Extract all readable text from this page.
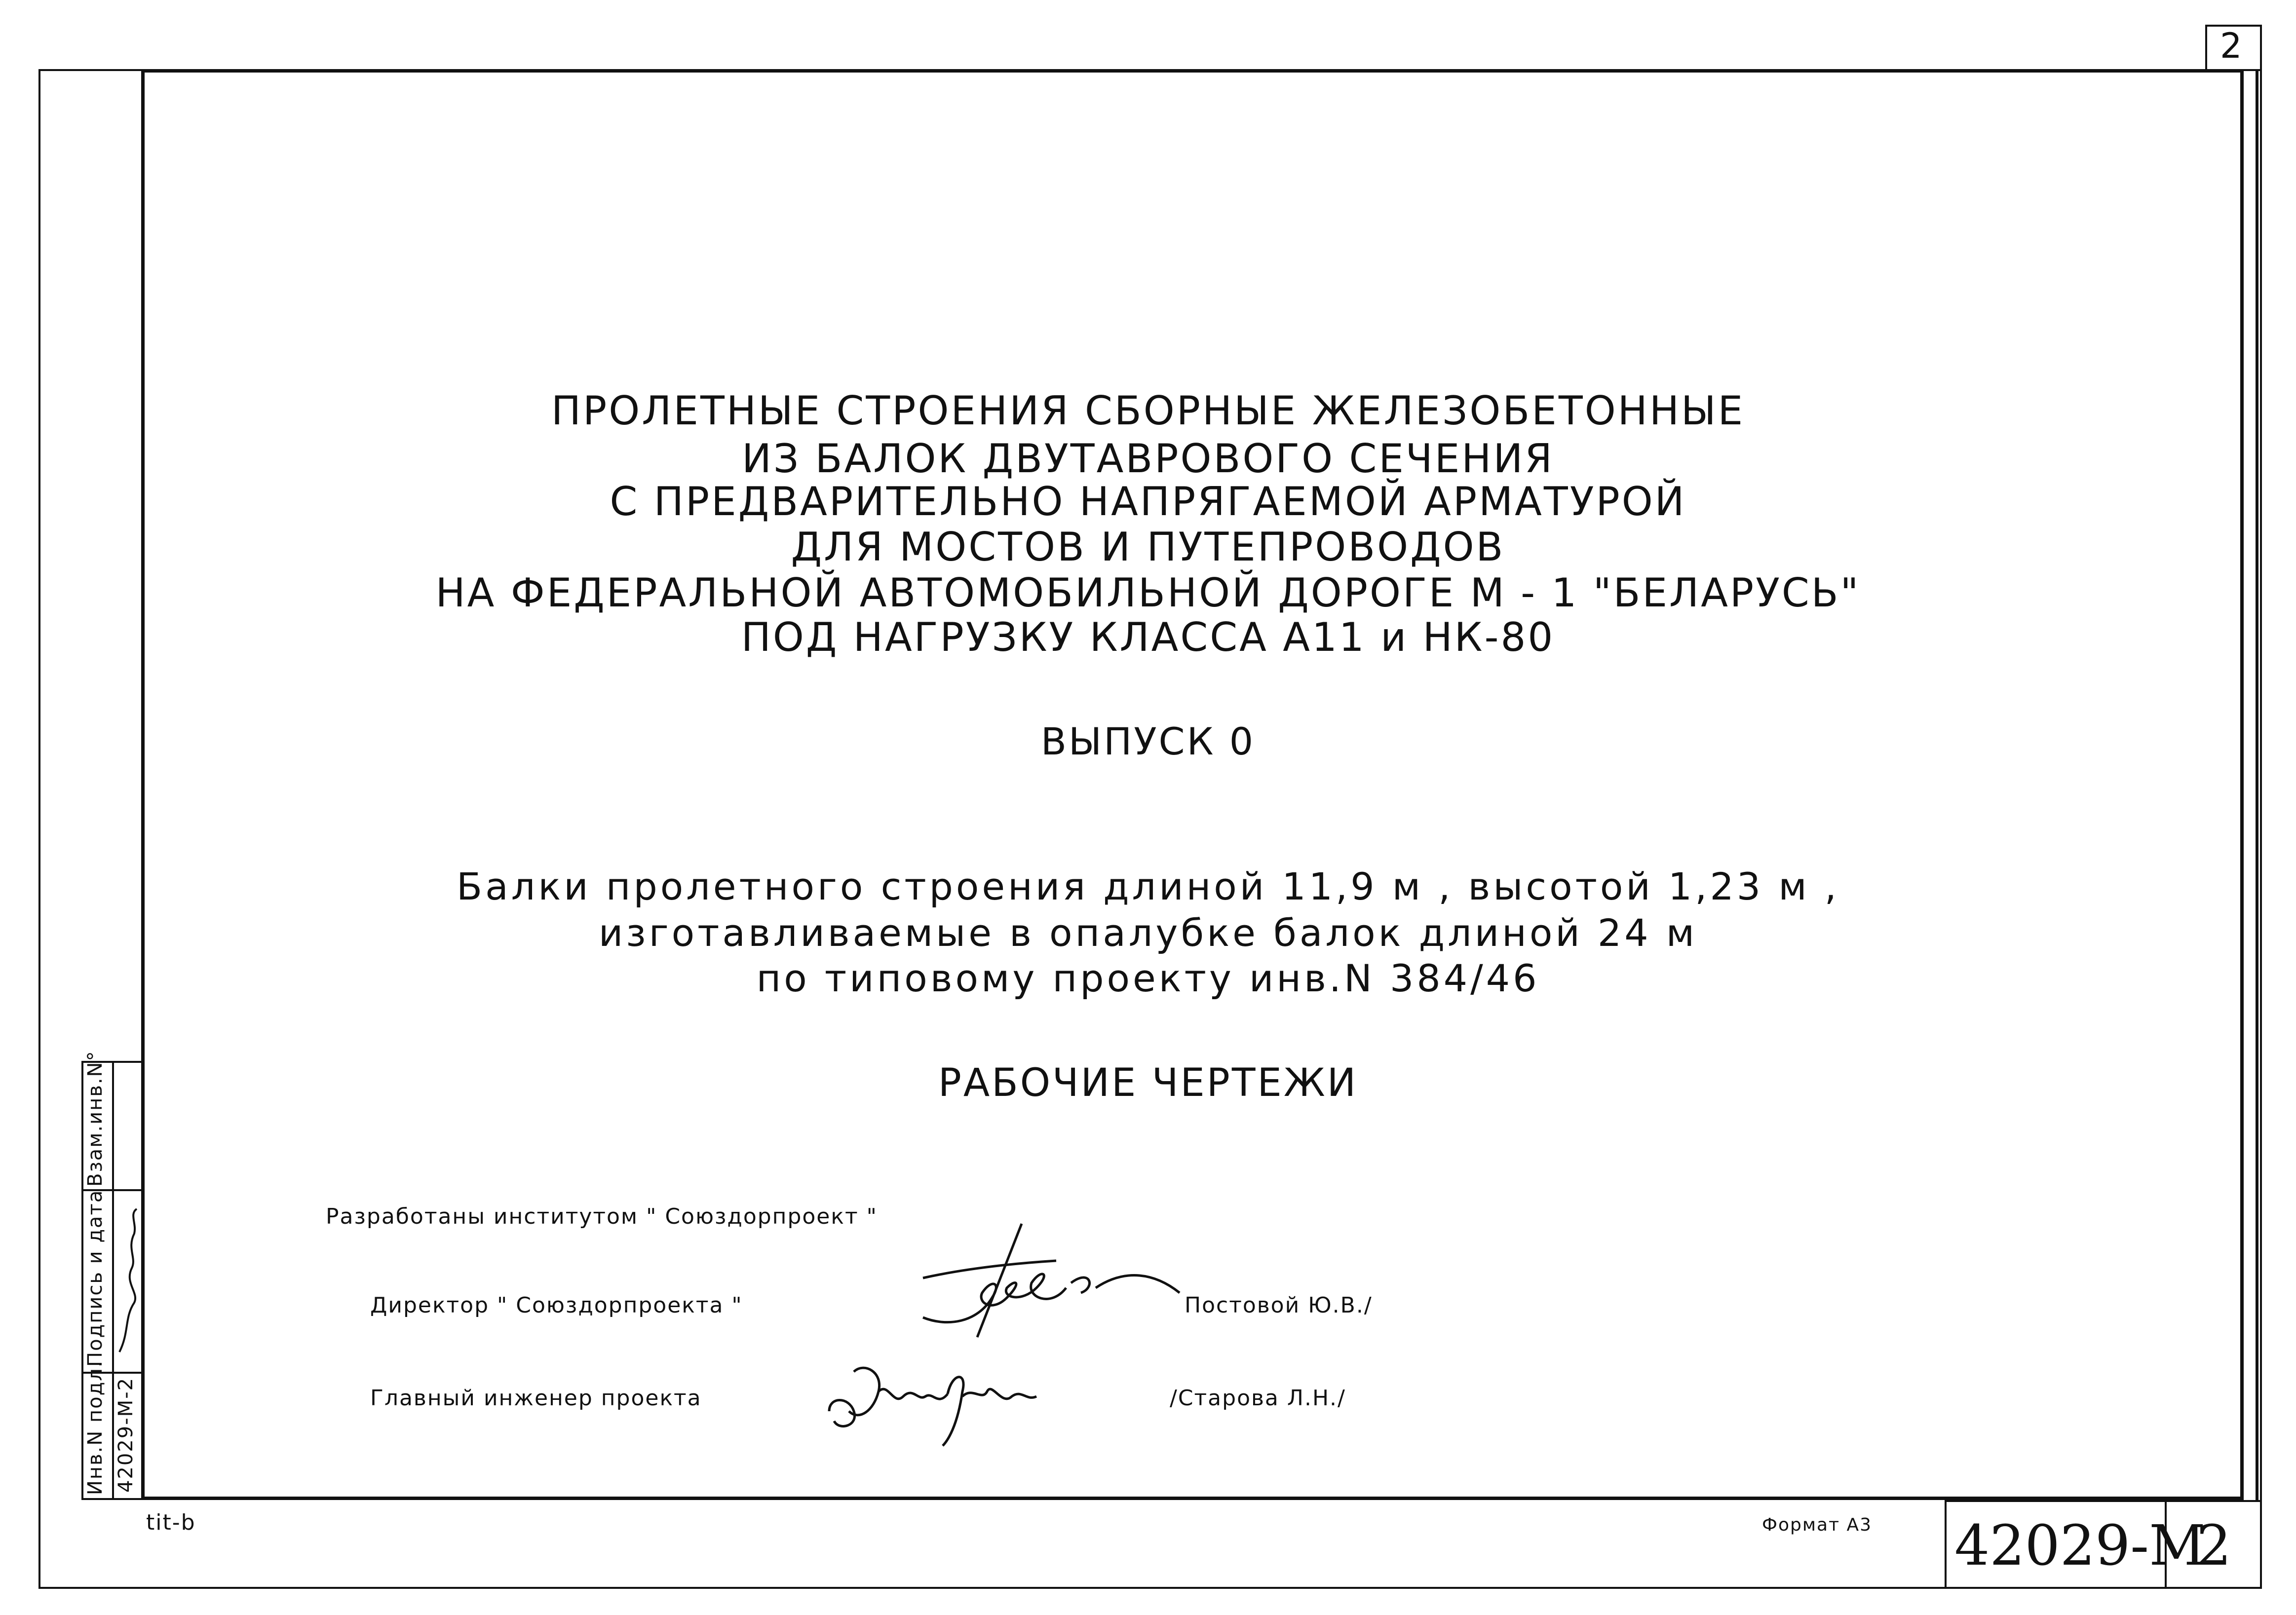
2
ПРОЛЕТНЫЕ СТРОЕНИЯ СБОРНЫЕ ЖЕЛЕЗОБЕТОННЫЕ
ИЗ БАЛОК ДВУТАВРОВОГО СЕЧЕНИЯ
С ПРЕДВАРИТЕЛЬНО НАПРЯГАЕМОЙ АРМАТУРОЙ
ДЛЯ МОСТОВ И ПУТЕПРОВОДОВ
НА ФЕДЕРАЛЬНОЙ АВТОМОБИЛЬНОЙ ДОРОГЕ М - 1 "БЕЛАРУСЬ"
ПОД НАГРУЗКУ КЛАССА А11 и НК-80
ВЫПУСК 0
Балки пролетного строения длиной 11,9 м , высотой 1,23 м ,
изготавливаемые в опалубке балок длиной 24 м
по типовому проекту инв.N 384/46
РАБОЧИЕ ЧЕРТЕЖИ
Разработаны институтом " Союздорпроект "
Директор " Союздорпроекта "	Постовой Ю.В./
Главный инженер проекта	/Старова Л.Н./
Взам.инв.N°
Подпись и дата
Инв.N подл. 42029-М-2
tit-b	Формат А3 42029-М
2
